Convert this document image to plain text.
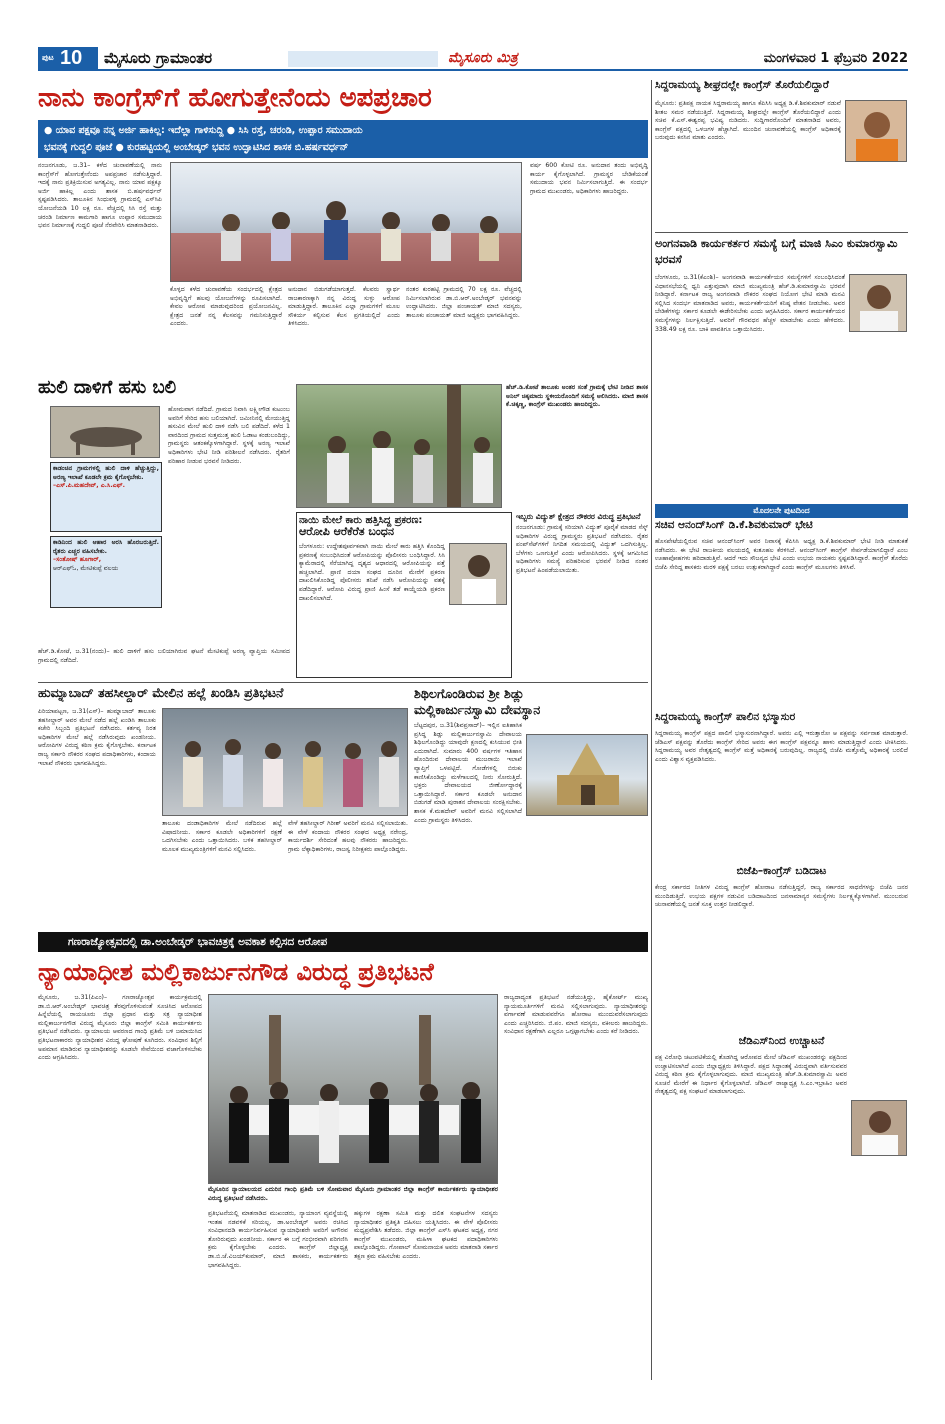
ಪುಟ 10 ಮೈಸೂರು ಗ್ರಾಮಾಂತರ	ಮೈಸೂರು ಮಿತ್ರ	ಮಂಗಳವಾರ 1 ಫೆಬ್ರವರಿ 2022
ನಾನು ಕಾಂಗ್ರೆಸ್‌ಗೆ ಹೋಗುತ್ತೇನೆಂದು ಅಪಪ್ರಚಾರ
● ಯಾವ ಪಕ್ಷವೂ ನನ್ನ ಅರ್ಜಿ ಹಾಕಿಲ್ಲ: ಇದೆಲ್ಲಾ ಗಾಳಿಸುದ್ದಿ ● ಸಿಸಿ ರಸ್ತೆ, ಚರಂಡಿ, ಉಪ್ಪಾರ ಸಮುದಾಯ
ಭವನಕ್ಕೆ ಗುದ್ದಲಿ ಪೂಜೆ ● ಕುರಹಟ್ಟಿಯಲ್ಲಿ ಅಂಬೇಡ್ಕರ್ ಭವನ ಉದ್ಘಾಟಿಸಿದ ಶಾಸಕ ಬಿ.ಹರ್ಷವರ್ಧನ್
ನಂಜನಗೂಡು, ಜ.31– ಕಳೆದ ಚುನಾವಣೆಯಲ್ಲಿ ನಾನು ಕಾಂಗ್ರೆಸ್‌ಗೆ ಹೋಗುತ್ತೇನೆಂದು ಅಪಪ್ರಚಾರ ನಡೆಸುತ್ತಿದ್ದಾರೆ. ಇದಕ್ಕೆ ನಾನು ಪ್ರತಿಕ್ರಿಯಿಸುವ ಅಗತ್ಯವಿಲ್ಲ. ನಾನು ಯಾವ ಪಕ್ಷಕ್ಕೂ ಅರ್ಜಿ ಹಾಕಿಲ್ಲ ಎಂದು ಶಾಸಕ ಬಿ.ಹರ್ಷವರ್ಧನ್ ಸ್ಪಷ್ಟಪಡಿಸಿದರು. ತಾಲೂಕಿನ ಸಿಂಧುವಳ್ಳಿ ಗ್ರಾಮದಲ್ಲಿ ಎಸ್‌ಸಿಪಿ ಯೋಜನೆಯಡಿ 10 ಲಕ್ಷ ರೂ. ವೆಚ್ಚದಲ್ಲಿ ಸಿಸಿ ರಸ್ತೆ ಮತ್ತು ಚರಂಡಿ ನಿರ್ಮಾಣ ಕಾಮಗಾರಿ ಹಾಗೂ ಉಪ್ಪಾರ ಸಮುದಾಯ ಭವನ ನಿರ್ಮಾಣಕ್ಕೆ ಗುದ್ದಲಿ ಪೂಜೆ ನೆರವೇರಿಸಿ ಮಾತನಾಡಿದರು.
ಕೊಳ್ಳದ ಕಳೆದ ಚುನಾವಣೆಯ ಸಂದರ್ಭದಲ್ಲಿ ಕ್ಷೇತ್ರದ ಅಭಿವೃದ್ಧಿಗೆ ಹಲವು ಯೋಜನೆಗಳನ್ನು ರೂಪಿಸಲಾಗಿದೆ. ಕೇವಲ ಆರೋಪ ಮಾಡುವುದರಿಂದ ಪ್ರಯೋಜನವಿಲ್ಲ. ಕ್ಷೇತ್ರದ ಜನತೆ ನನ್ನ ಕೆಲಸವನ್ನು ಗಮನಿಸುತ್ತಿದ್ದಾರೆ ಎಂದರು.
ಅನುದಾನ ಬಿಡುಗಡೆಯಾಗುತ್ತದೆ. ಕೆಲವರು ಸ್ವಾರ್ಥ ರಾಜಕಾರಣಕ್ಕಾಗಿ ನನ್ನ ವಿರುದ್ಧ ಸುಳ್ಳು ಆರೋಪ ಮಾಡುತ್ತಿದ್ದಾರೆ. ತಾಲೂಕಿನ ಎಲ್ಲಾ ಗ್ರಾಮಗಳಿಗೆ ಮೂಲ ಸೌಕರ್ಯ ಕಲ್ಪಿಸುವ ಕೆಲಸ ಪ್ರಗತಿಯಲ್ಲಿದೆ ಎಂದು ತಿಳಿಸಿದರು.
ನಂತರ ಕುರಹಟ್ಟಿ ಗ್ರಾಮದಲ್ಲಿ 70 ಲಕ್ಷ ರೂ. ವೆಚ್ಚದಲ್ಲಿ ನಿರ್ಮಿಸಲಾಗಿರುವ ಡಾ.ಬಿ.ಆರ್.ಅಂಬೇಡ್ಕರ್ ಭವನವನ್ನು ಉದ್ಘಾಟಿಸಿದರು. ಜಿಲ್ಲಾ ಪಂಚಾಯತ್ ಮಾಜಿ ಸದಸ್ಯರು, ತಾಲೂಕು ಪಂಚಾಯತ್ ಮಾಜಿ ಅಧ್ಯಕ್ಷರು ಭಾಗವಹಿಸಿದ್ದರು.
ವರ್ಷ 600 ಕೋಟಿ ರೂ. ಅನುದಾನ ತಂದು ಅಭಿವೃದ್ಧಿ ಕಾರ್ಯ ಕೈಗೊಳ್ಳಲಾಗಿದೆ. ಗ್ರಾಮಸ್ಥರ ಬೇಡಿಕೆಯಂತೆ ಸಮುದಾಯ ಭವನ ನಿರ್ಮಿಸಲಾಗುತ್ತಿದೆ. ಈ ಸಂದರ್ಭ ಗ್ರಾಮದ ಮುಖಂಡರು, ಅಧಿಕಾರಿಗಳು ಹಾಜರಿದ್ದರು.
ಸಿದ್ದರಾಮಯ್ಯ ಶೀಘ್ರದಲ್ಲೇ ಕಾಂಗ್ರೆಸ್ ತೊರೆಯಲಿದ್ದಾರೆ
ಮೈಸೂರು: ಪ್ರತಿಪಕ್ಷ ನಾಯಕ ಸಿದ್ದರಾಮಯ್ಯ ಹಾಗೂ ಕೆಪಿಸಿಸಿ ಅಧ್ಯಕ್ಷ ಡಿ.ಕೆ.ಶಿವಕುಮಾರ್ ನಡುವೆ ಶೀತಲ ಸಮರ ನಡೆಯುತ್ತಿದೆ. ಸಿದ್ದರಾಮಯ್ಯ ಶೀಘ್ರದಲ್ಲೇ ಕಾಂಗ್ರೆಸ್ ತೊರೆಯಲಿದ್ದಾರೆ ಎಂದು ಸಚಿವ ಕೆ.ಎಸ್.ಈಶ್ವರಪ್ಪ ಭವಿಷ್ಯ ನುಡಿದರು. ಸುದ್ದಿಗಾರರೊಂದಿಗೆ ಮಾತನಾಡಿದ ಅವರು, ಕಾಂಗ್ರೆಸ್ ಪಕ್ಷದಲ್ಲಿ ಒಳಜಗಳ ಹೆಚ್ಚಾಗಿದೆ. ಮುಂದಿನ ಚುನಾವಣೆಯಲ್ಲಿ ಕಾಂಗ್ರೆಸ್ ಅಧಿಕಾರಕ್ಕೆ ಬರುವುದು ಕನಸಿನ ಮಾತು ಎಂದರು.
ಅಂಗನವಾಡಿ ಕಾರ್ಯಕರ್ತರ ಸಮಸ್ಯೆ ಬಗ್ಗೆ ಮಾಜಿ ಸಿಎಂ ಕುಮಾರಸ್ವಾಮಿ ಭರವಸೆ
ಬೆಂಗಳೂರು, ಜ.31(ಕೆಎಂಶಿ)– ಅಂಗನವಾಡಿ ಕಾರ್ಯಕರ್ತೆಯರ ಸಮಸ್ಯೆಗಳಿಗೆ ಸಂಬಂಧಿಸಿದಂತೆ ವಿಧಾನಸಭೆಯಲ್ಲಿ ಧ್ವನಿ ಎತ್ತುವುದಾಗಿ ಮಾಜಿ ಮುಖ್ಯಮಂತ್ರಿ ಹೆಚ್.ಡಿ.ಕುಮಾರಸ್ವಾಮಿ ಭರವಸೆ ನೀಡಿದ್ದಾರೆ. ಕರ್ನಾಟಕ ರಾಜ್ಯ ಅಂಗನವಾಡಿ ನೌಕರರ ಸಂಘದ ನಿಯೋಗ ಭೇಟಿ ಮಾಡಿ ಮನವಿ ಸಲ್ಲಿಸಿದ ಸಂದರ್ಭ ಮಾತನಾಡಿದ ಅವರು, ಕಾರ್ಯಕರ್ತೆಯರಿಗೆ ಕನಿಷ್ಠ ವೇತನ ನೀಡಬೇಕು. ಅವರ ಬೇಡಿಕೆಗಳನ್ನು ಸರ್ಕಾರ ಕೂಡಲೇ ಈಡೇರಿಸಬೇಕು ಎಂದು ಆಗ್ರಹಿಸಿದರು. ಸರ್ಕಾರ ಕಾರ್ಯಕರ್ತೆಯರ ಸಮಸ್ಯೆಗಳನ್ನು ನಿರ್ಲಕ್ಷಿಸುತ್ತಿದೆ. ಅವರಿಗೆ ಗೌರವಧನ ಹೆಚ್ಚಳ ಮಾಡಬೇಕು ಎಂದು ಹೇಳಿದರು. 338.49 ಲಕ್ಷ ರೂ. ಬಾಕಿ ಪಾವತಿಗೂ ಒತ್ತಾಯಿಸಿದರು.
ಮೊದಲನೇ ಪುಟದಿಂದ
ಸಚಿವ ಆನಂದ್‌ಸಿಂಗ್ ಡಿ.ಕೆ.ಶಿವಕುಮಾರ್ ಭೇಟಿ
ಹೊಸಪೇಟೆಯಲ್ಲಿರುವ ಸಚಿವ ಆನಂದ್‌ಸಿಂಗ್ ಅವರ ನಿವಾಸಕ್ಕೆ ಕೆಪಿಸಿಸಿ ಅಧ್ಯಕ್ಷ ಡಿ.ಕೆ.ಶಿವಕುಮಾರ್ ಭೇಟಿ ನೀಡಿ ಮಾತುಕತೆ ನಡೆಸಿದರು. ಈ ಭೇಟಿ ರಾಜಕೀಯ ವಲಯದಲ್ಲಿ ಕುತೂಹಲ ಕೆರಳಿಸಿದೆ. ಆನಂದ್‌ಸಿಂಗ್ ಕಾಂಗ್ರೆಸ್ ಸೇರ್ಪಡೆಯಾಗಲಿದ್ದಾರೆ ಎಂಬ ಊಹಾಪೋಹಗಳು ಹರಿದಾಡುತ್ತಿವೆ. ಆದರೆ ಇದು ಸೌಜನ್ಯದ ಭೇಟಿ ಎಂದು ಉಭಯ ನಾಯಕರು ಸ್ಪಷ್ಟಪಡಿಸಿದ್ದಾರೆ. ಕಾಂಗ್ರೆಸ್ ತೊರೆದು ಬಿಜೆಪಿ ಸೇರಿದ್ದ ಶಾಸಕರು ಮರಳಿ ಪಕ್ಷಕ್ಕೆ ಬರಲು ಉತ್ಸುಕರಾಗಿದ್ದಾರೆ ಎಂದು ಕಾಂಗ್ರೆಸ್ ಮೂಲಗಳು ತಿಳಿಸಿವೆ.
ಸಿದ್ದರಾಮಯ್ಯ ಕಾಂಗ್ರೆಸ್ ಪಾಲಿನ ಭಸ್ಮಾಸುರ
ಸಿದ್ದರಾಮಯ್ಯ ಕಾಂಗ್ರೆಸ್ ಪಕ್ಷದ ಪಾಲಿಗೆ ಭಸ್ಮಾಸುರನಾಗಿದ್ದಾರೆ. ಅವರು ಎಲ್ಲಿ ಇರುತ್ತಾರೋ ಆ ಪಕ್ಷವನ್ನು ಸರ್ವನಾಶ ಮಾಡುತ್ತಾರೆ. ಜೆಡಿಎಸ್ ಪಕ್ಷವನ್ನು ತೊರೆದು ಕಾಂಗ್ರೆಸ್ ಸೇರಿದ ಅವರು ಈಗ ಕಾಂಗ್ರೆಸ್ ಪಕ್ಷವನ್ನೂ ಹಾಳು ಮಾಡುತ್ತಿದ್ದಾರೆ ಎಂದು ಟೀಕಿಸಿದರು. ಸಿದ್ದರಾಮಯ್ಯ ಅವರ ನೇತೃತ್ವದಲ್ಲಿ ಕಾಂಗ್ರೆಸ್ ಮತ್ತೆ ಅಧಿಕಾರಕ್ಕೆ ಬರುವುದಿಲ್ಲ. ರಾಜ್ಯದಲ್ಲಿ ಬಿಜೆಪಿ ಮತ್ತೊಮ್ಮೆ ಅಧಿಕಾರಕ್ಕೆ ಬರಲಿದೆ ಎಂದು ವಿಶ್ವಾಸ ವ್ಯಕ್ತಪಡಿಸಿದರು.
ಬಿಜೆಪಿ–ಕಾಂಗ್ರೆಸ್ ಬಡಿದಾಟ
ಕೇಂದ್ರ ಸರ್ಕಾರದ ನೀತಿಗಳ ವಿರುದ್ಧ ಕಾಂಗ್ರೆಸ್ ಹೋರಾಟ ನಡೆಸುತ್ತಿದ್ದರೆ, ರಾಜ್ಯ ಸರ್ಕಾರದ ಸಾಧನೆಗಳನ್ನು ಬಿಜೆಪಿ ಜನರ ಮುಂದಿಡುತ್ತಿದೆ. ಉಭಯ ಪಕ್ಷಗಳ ನಡುವಿನ ಬಡಿದಾಟದಿಂದ ಜನಸಾಮಾನ್ಯರ ಸಮಸ್ಯೆಗಳು ನಿರ್ಲಕ್ಷ್ಯಕ್ಕೊಳಗಾಗಿವೆ. ಮುಂಬರುವ ಚುನಾವಣೆಯಲ್ಲಿ ಜನತೆ ಸೂಕ್ತ ಉತ್ತರ ನೀಡಲಿದ್ದಾರೆ.
ಜೆಡಿಎಸ್‌ನಿಂದ ಉಚ್ಚಾಟನೆ
ಪಕ್ಷ ವಿರೋಧಿ ಚಟುವಟಿಕೆಯಲ್ಲಿ ತೊಡಗಿದ್ದ ಆರೋಪದ ಮೇಲೆ ಜೆಡಿಎಸ್ ಮುಖಂಡರನ್ನು ಪಕ್ಷದಿಂದ ಉಚ್ಚಾಟಿಸಲಾಗಿದೆ ಎಂದು ಜಿಲ್ಲಾಧ್ಯಕ್ಷರು ತಿಳಿಸಿದ್ದಾರೆ. ಪಕ್ಷದ ಸಿದ್ಧಾಂತಕ್ಕೆ ವಿರುದ್ಧವಾಗಿ ವರ್ತಿಸುವವರ ವಿರುದ್ಧ ಕಠಿಣ ಕ್ರಮ ಕೈಗೊಳ್ಳಲಾಗುವುದು. ಮಾಜಿ ಮುಖ್ಯಮಂತ್ರಿ ಹೆಚ್.ಡಿ.ಕುಮಾರಸ್ವಾಮಿ ಅವರ ಸೂಚನೆ ಮೇರೆಗೆ ಈ ನಿರ್ಧಾರ ಕೈಗೊಳ್ಳಲಾಗಿದೆ. ಜೆಡಿಎಸ್ ರಾಜ್ಯಾಧ್ಯಕ್ಷ ಸಿ.ಎಂ.ಇಬ್ರಾಹಿಂ ಅವರ ನೇತೃತ್ವದಲ್ಲಿ ಪಕ್ಷ ಸಂಘಟನೆ ಮಾಡಲಾಗುವುದು.
ಹುಲಿ ದಾಳಿಗೆ ಹಸು ಬಲಿ
ಹೋಮವಾಗ ನಡೆದಿದೆ. ಗ್ರಾಮದ ನಿವಾಸಿ ಲಕ್ಷ್ಮೀಗೌಡ ಕುಟುಂಬ ಅವರಿಗೆ ಸೇರಿದ ಹಸು ಬಲಿಯಾಗಿದೆ. ಜಮೀನಿನಲ್ಲಿ ಮೇಯುತ್ತಿದ್ದ ಹಸುವಿನ ಮೇಲೆ ಹುಲಿ ದಾಳಿ ನಡೆಸಿ ಬಲಿ ಪಡೆದಿದೆ. ಕಳೆದ 1 ವಾರದಿಂದ ಗ್ರಾಮದ ಸುತ್ತಮುತ್ತ ಹುಲಿ ಓಡಾಟ ಕಂಡುಬಂದಿದ್ದು, ಗ್ರಾಮಸ್ಥರು ಆತಂಕಕ್ಕೊಳಗಾಗಿದ್ದಾರೆ. ಸ್ಥಳಕ್ಕೆ ಅರಣ್ಯ ಇಲಾಖೆ ಅಧಿಕಾರಿಗಳು ಭೇಟಿ ನೀಡಿ ಪರಿಶೀಲನೆ ನಡೆಸಿದರು. ರೈತರಿಗೆ ಪರಿಹಾರ ನೀಡುವ ಭರವಸೆ ನೀಡಿದರು.
ಕಾಡಂಚಿನ ಗ್ರಾಮಗಳಲ್ಲಿ ಹುಲಿ ದಾಳಿ ಹೆಚ್ಚುತ್ತಿದ್ದು, ಅರಣ್ಯ ಇಲಾಖೆ ಕೂಡಲೇ ಕ್ರಮ ಕೈಗೊಳ್ಳಬೇಕು.
–ಎಸ್.ಪಿ.ಮಹದೇವ್, ಎ.ಸಿ.ಎಫ್.
ಕಾಡಿನಿಂದ ಹುಲಿ ಆಹಾರ ಅರಸಿ ಹೊರಬರುತ್ತಿದೆ. ರೈತರು ಎಚ್ಚರ ವಹಿಸಬೇಕು.
–ಸಂತೋಷ್ ಹೂಗಾರ್,
ಆರ್‌ಎಫ್‌ಓ, ಮೇಟಿಕುಪ್ಪೆ ವಲಯ
ಹೆಚ್.ಡಿ.ಕೋಟೆ, ಜ.31(ನಂದು)– ಹುಲಿ ದಾಳಿಗೆ ಹಸು ಬಲಿಯಾಗಿರುವ ಘಟನೆ ಮೇಟಿಕುಪ್ಪೆ ಅರಣ್ಯ ವ್ಯಾಪ್ತಿಯ ಸಮೀಪದ ಗ್ರಾಮದಲ್ಲಿ ನಡೆದಿದೆ.
ಹೆಚ್.ಡಿ.ಕೋಟೆ ತಾಲೂಕು ಅಂತರ ಸಂತೆ ಗ್ರಾಮಕ್ಕೆ ಭೇಟಿ ನೀಡಿದ ಶಾಸಕ ಅನಿಲ್ ಚಿಕ್ಕಮಾದು ಸ್ಥಳೀಯರೊಂದಿಗೆ ಸಮಸ್ಯೆ ಆಲಿಸಿದರು. ಮಾಜಿ ಶಾಸಕ ಕೆ.ಚಿಕ್ಕಣ್ಣ, ಕಾಂಗ್ರೆಸ್ ಮುಖಂಡರು ಹಾಜರಿದ್ದರು.
ನಾಯಿ ಮೇಲೆ ಕಾರು ಹತ್ತಿಸಿದ್ದ ಪ್ರಕರಣ:
ಆರೋಪಿ ಆರೆಕೆರೆತ ಬಂಧನ
ಬೆಂಗಳೂರು: ಉದ್ದೇಶಪೂರ್ವಕವಾಗಿ ನಾಯಿ ಮೇಲೆ ಕಾರು ಹತ್ತಿಸಿ ಕೊಂದಿದ್ದ ಪ್ರಕರಣಕ್ಕೆ ಸಂಬಂಧಿಸಿದಂತೆ ಆರೋಪಿಯನ್ನು ಪೊಲೀಸರು ಬಂಧಿಸಿದ್ದಾರೆ. ಸಿಸಿ ಕ್ಯಾಮೆರಾದಲ್ಲಿ ಸೆರೆಯಾಗಿದ್ದ ದೃಶ್ಯದ ಆಧಾರದಲ್ಲಿ ಆರೋಪಿಯನ್ನು ಪತ್ತೆ ಹಚ್ಚಲಾಗಿದೆ. ಪ್ರಾಣಿ ದಯಾ ಸಂಘದ ದೂರಿನ ಮೇರೆಗೆ ಪ್ರಕರಣ ದಾಖಲಿಸಿಕೊಂಡಿದ್ದ ಪೊಲೀಸರು ತನಿಖೆ ನಡೆಸಿ ಆರೋಪಿಯನ್ನು ವಶಕ್ಕೆ ಪಡೆದಿದ್ದಾರೆ. ಆರೋಪಿ ವಿರುದ್ಧ ಪ್ರಾಣಿ ಹಿಂಸೆ ತಡೆ ಕಾಯ್ದೆಯಡಿ ಪ್ರಕರಣ ದಾಖಲಿಸಲಾಗಿದೆ.
ಇಬ್ಬರು ವಿದ್ಯುತ್ ಕ್ಷೇತ್ರದ ನೌಕರರ ವಿರುದ್ಧ ಪ್ರತಿಭಟನೆ
ನಂಜನಗೂಡು: ಗ್ರಾಮಕ್ಕೆ ಸರಿಯಾಗಿ ವಿದ್ಯುತ್ ಪೂರೈಕೆ ಮಾಡದ ಸೆಸ್ಕ್ ಅಧಿಕಾರಿಗಳ ವಿರುದ್ಧ ಗ್ರಾಮಸ್ಥರು ಪ್ರತಿಭಟನೆ ನಡೆಸಿದರು. ರೈತರ ಪಂಪ್‌ಸೆಟ್‌ಗಳಿಗೆ ನಿಗದಿತ ಸಮಯದಲ್ಲಿ ವಿದ್ಯುತ್ ಒದಗಿಸುತ್ತಿಲ್ಲ. ಬೆಳೆಗಳು ಒಣಗುತ್ತಿವೆ ಎಂದು ಆರೋಪಿಸಿದರು. ಸ್ಥಳಕ್ಕೆ ಆಗಮಿಸಿದ ಅಧಿಕಾರಿಗಳು ಸಮಸ್ಯೆ ಪರಿಹರಿಸುವ ಭರವಸೆ ನೀಡಿದ ನಂತರ ಪ್ರತಿಭಟನೆ ಹಿಂಪಡೆಯಲಾಯಿತು.
ಹುಮ್ನಾಬಾದ್ ತಹಸೀಲ್ದಾರ್ ಮೇಲಿನ ಹಲ್ಲೆ ಖಂಡಿಸಿ ಪ್ರತಿಭಟನೆ
ಪಿರಿಯಾಪಟ್ಟಣ, ಜ.31(ಎಸ್)– ಹುಮ್ನಾಬಾದ್ ತಾಲೂಕು ತಹಸೀಲ್ದಾರ್ ಅವರ ಮೇಲೆ ನಡೆದ ಹಲ್ಲೆ ಖಂಡಿಸಿ ತಾಲೂಕು ಕಚೇರಿ ಸಿಬ್ಬಂದಿ ಪ್ರತಿಭಟನೆ ನಡೆಸಿದರು. ಕರ್ತವ್ಯ ನಿರತ ಅಧಿಕಾರಿಗಳ ಮೇಲೆ ಹಲ್ಲೆ ನಡೆಸಿರುವುದು ಖಂಡನೀಯ. ಆರೋಪಿಗಳ ವಿರುದ್ಧ ಕಠಿಣ ಕ್ರಮ ಕೈಗೊಳ್ಳಬೇಕು. ಕರ್ನಾಟಕ ರಾಜ್ಯ ಸರ್ಕಾರಿ ನೌಕರರ ಸಂಘದ ಪದಾಧಿಕಾರಿಗಳು, ಕಂದಾಯ ಇಲಾಖೆ ನೌಕರರು ಭಾಗವಹಿಸಿದ್ದರು.
ತಾಲೂಕು ದಂಡಾಧಿಕಾರಿಗಳ ಮೇಲೆ ನಡೆದಿರುವ ಹಲ್ಲೆ ವಿಷಾದನೀಯ. ಸರ್ಕಾರ ಕೂಡಲೇ ಅಧಿಕಾರಿಗಳಿಗೆ ರಕ್ಷಣೆ ಒದಗಿಸಬೇಕು ಎಂದು ಒತ್ತಾಯಿಸಿದರು. ಬಳಿಕ ತಹಸೀಲ್ದಾರ್ ಮೂಲಕ ಮುಖ್ಯಮಂತ್ರಿಗಳಿಗೆ ಮನವಿ ಸಲ್ಲಿಸಿದರು.
ವೇಳೆ ತಹಸೀಲ್ದಾರ್ ಗಿರೀಶ್ ಅವರಿಗೆ ಮನವಿ ಸಲ್ಲಿಸಲಾಯಿತು. ಈ ವೇಳೆ ಕಂದಾಯ ನೌಕರರ ಸಂಘದ ಅಧ್ಯಕ್ಷ ನರೇಂದ್ರ, ಕಾರ್ಯದರ್ಶಿ ಸೇರಿದಂತೆ ಹಲವು ನೌಕರರು ಹಾಜರಿದ್ದರು. ಗ್ರಾಮ ಲೆಕ್ಕಾಧಿಕಾರಿಗಳು, ರಾಜಸ್ವ ನಿರೀಕ್ಷಕರು ಪಾಲ್ಗೊಂಡಿದ್ದರು.
ಶಿಥಿಲಗೊಂಡಿರುವ ಶ್ರೀ ಶಿಡ್ಲು
ಮಲ್ಲಿಕಾರ್ಜುನಸ್ವಾಮಿ ದೇವಸ್ಥಾನ
ಬೆಟ್ಟದಪುರ, ಜ.31(ಶಿವಪ್ರಸಾದ್)– ಇಲ್ಲಿನ ಐತಿಹಾಸಿಕ ಪ್ರಸಿದ್ಧ ಶಿಡ್ಲು ಮಲ್ಲಿಕಾರ್ಜುನಸ್ವಾಮಿ ದೇವಾಲಯ ಶಿಥಿಲಗೊಂಡಿದ್ದು ಯಾವುದೇ ಕ್ಷಣದಲ್ಲಿ ಕುಸಿಯುವ ಭೀತಿ ಎದುರಾಗಿದೆ. ಸುಮಾರು 400 ವರ್ಷಗಳ ಇತಿಹಾಸ ಹೊಂದಿರುವ ದೇವಾಲಯ ಮುಜರಾಯಿ ಇಲಾಖೆ ವ್ಯಾಪ್ತಿಗೆ ಒಳಪಟ್ಟಿದೆ. ಗೋಡೆಗಳಲ್ಲಿ ಬಿರುಕು ಕಾಣಿಸಿಕೊಂಡಿದ್ದು ಮಳೆಗಾಲದಲ್ಲಿ ನೀರು ಸೋರುತ್ತಿದೆ. ಭಕ್ತರು ದೇವಾಲಯದ ಜೀರ್ಣೋದ್ಧಾರಕ್ಕೆ ಒತ್ತಾಯಿಸಿದ್ದಾರೆ. ಸರ್ಕಾರ ಕೂಡಲೇ ಅನುದಾನ ಬಿಡುಗಡೆ ಮಾಡಿ ಪುರಾತನ ದೇವಾಲಯ ಸಂರಕ್ಷಿಸಬೇಕು. ಶಾಸಕ ಕೆ.ಮಹದೇವ್ ಅವರಿಗೆ ಮನವಿ ಸಲ್ಲಿಸಲಾಗಿದೆ ಎಂದು ಗ್ರಾಮಸ್ಥರು ತಿಳಿಸಿದರು.
ಗಣರಾಜ್ಯೋತ್ಸವದಲ್ಲಿ ಡಾ.ಅಂಬೇಡ್ಕರ್ ಭಾವಚಿತ್ರಕ್ಕೆ ಅವಕಾಶ ಕಲ್ಪಿಸದ ಆರೋಪ
ನ್ಯಾಯಾಧೀಶ ಮಲ್ಲಿಕಾರ್ಜುನಗೌಡ ವಿರುದ್ಧ ಪ್ರತಿಭಟನೆ
ಮೈಸೂರು, ಜ.31(ಪಿಎಂ)– ಗಣರಾಜ್ಯೋತ್ಸವ ಕಾರ್ಯಕ್ರಮದಲ್ಲಿ ಡಾ.ಬಿ.ಆರ್.ಅಂಬೇಡ್ಕರ್ ಭಾವಚಿತ್ರ ತೆರವುಗೊಳಿಸುವಂತೆ ಸೂಚಿಸಿದ ಆರೋಪದ ಹಿನ್ನೆಲೆಯಲ್ಲಿ ರಾಯಚೂರು ಜಿಲ್ಲಾ ಪ್ರಧಾನ ಮತ್ತು ಸತ್ರ ನ್ಯಾಯಾಧೀಶ ಮಲ್ಲಿಕಾರ್ಜುನಗೌಡ ವಿರುದ್ಧ ಮೈಸೂರು ಜಿಲ್ಲಾ ಕಾಂಗ್ರೆಸ್ ಸಮಿತಿ ಕಾರ್ಯಕರ್ತರು ಪ್ರತಿಭಟನೆ ನಡೆಸಿದರು. ನ್ಯಾಯಾಲಯ ಆವರಣದ ಗಾಂಧಿ ಪ್ರತಿಮೆ ಬಳಿ ಜಮಾಯಿಸಿದ ಪ್ರತಿಭಟನಾಕಾರರು ನ್ಯಾಯಾಧೀಶರ ವಿರುದ್ಧ ಘೋಷಣೆ ಕೂಗಿದರು. ಸಂವಿಧಾನ ಶಿಲ್ಪಿಗೆ ಅಪಮಾನ ಮಾಡಿರುವ ನ್ಯಾಯಾಧೀಶರನ್ನು ಕೂಡಲೇ ಸೇವೆಯಿಂದ ವಜಾಗೊಳಿಸಬೇಕು ಎಂದು ಆಗ್ರಹಿಸಿದರು.
ಮೈಸೂರಿನ ನ್ಯಾಯಾಲಯದ ಎದುರಿನ ಗಾಂಧಿ ಪ್ರತಿಮೆ ಬಳಿ ಸೋಮವಾರ ಮೈಸೂರು ಗ್ರಾಮಾಂತರ ಜಿಲ್ಲಾ ಕಾಂಗ್ರೆಸ್ ಕಾರ್ಯಕರ್ತರು ನ್ಯಾಯಾಧೀಶರ ವಿರುದ್ಧ ಪ್ರತಿಭಟನೆ ನಡೆಸಿದರು.
ಪ್ರತಿಭಟನೆಯಲ್ಲಿ ಮಾತನಾಡಿದ ಮುಖಂಡರು, ನ್ಯಾಯಾಂಗ ವ್ಯವಸ್ಥೆಯಲ್ಲಿ ಇಂತಹ ನಡವಳಿಕೆ ಸರಿಯಲ್ಲ. ಡಾ.ಅಂಬೇಡ್ಕರ್ ಅವರು ರಚಿಸಿದ ಸಂವಿಧಾನದಡಿ ಕಾರ್ಯನಿರ್ವಹಿಸುವ ನ್ಯಾಯಾಧೀಶರೇ ಅವರಿಗೆ ಅಗೌರವ ತೋರಿರುವುದು ಖಂಡನೀಯ. ಸರ್ಕಾರ ಈ ಬಗ್ಗೆ ಗಂಭೀರವಾಗಿ ಪರಿಗಣಿಸಿ ಕ್ರಮ ಕೈಗೊಳ್ಳಬೇಕು ಎಂದರು. ಕಾಂಗ್ರೆಸ್ ಜಿಲ್ಲಾಧ್ಯಕ್ಷ ಡಾ.ಬಿ.ಜೆ.ವಿಜಯ್‌ಕುಮಾರ್, ಮಾಜಿ ಶಾಸಕರು, ಕಾರ್ಯಕರ್ತರು ಭಾಗವಹಿಸಿದ್ದರು.
ಹಕ್ಕುಗಳ ರಕ್ಷಣಾ ಸಮಿತಿ ಮತ್ತು ದಲಿತ ಸಂಘಟನೆಗಳ ಸದಸ್ಯರು ನ್ಯಾಯಾಧೀಶರ ಪ್ರತಿಕೃತಿ ದಹಿಸಲು ಯತ್ನಿಸಿದರು. ಈ ವೇಳೆ ಪೊಲೀಸರು ಮಧ್ಯಪ್ರವೇಶಿಸಿ ತಡೆದರು. ಜಿಲ್ಲಾ ಕಾಂಗ್ರೆಸ್ ಎಸ್‌ಸಿ ಘಟಕದ ಅಧ್ಯಕ್ಷ, ನಗರ ಕಾಂಗ್ರೆಸ್ ಮುಖಂಡರು, ಮಹಿಳಾ ಘಟಕದ ಪದಾಧಿಕಾರಿಗಳು ಪಾಲ್ಗೊಂಡಿದ್ದರು. ಗೋಪಾಲ್ ಸೋಮನಾಯಕ ಅವರು ಮಾತನಾಡಿ ಸರ್ಕಾರ ತಕ್ಷಣ ಕ್ರಮ ವಹಿಸಬೇಕು ಎಂದರು.
ರಾಜ್ಯದಾದ್ಯಂತ ಪ್ರತಿಭಟನೆ ನಡೆಯುತ್ತಿದ್ದು, ಹೈಕೋರ್ಟ್ ಮುಖ್ಯ ನ್ಯಾಯಮೂರ್ತಿಗಳಿಗೆ ಮನವಿ ಸಲ್ಲಿಸಲಾಗುವುದು. ನ್ಯಾಯಾಧೀಶರನ್ನು ವರ್ಗಾವಣೆ ಮಾಡುವವರೆಗೂ ಹೋರಾಟ ಮುಂದುವರೆಸಲಾಗುವುದು ಎಂದು ಎಚ್ಚರಿಸಿದರು. ಜಿ.ಪಂ. ಮಾಜಿ ಸದಸ್ಯರು, ವಕೀಲರು ಹಾಜರಿದ್ದರು. ಸಂವಿಧಾನ ರಕ್ಷಣೆಗಾಗಿ ಎಲ್ಲರೂ ಒಗ್ಗಟ್ಟಾಗಬೇಕು ಎಂದು ಕರೆ ನೀಡಿದರು.
